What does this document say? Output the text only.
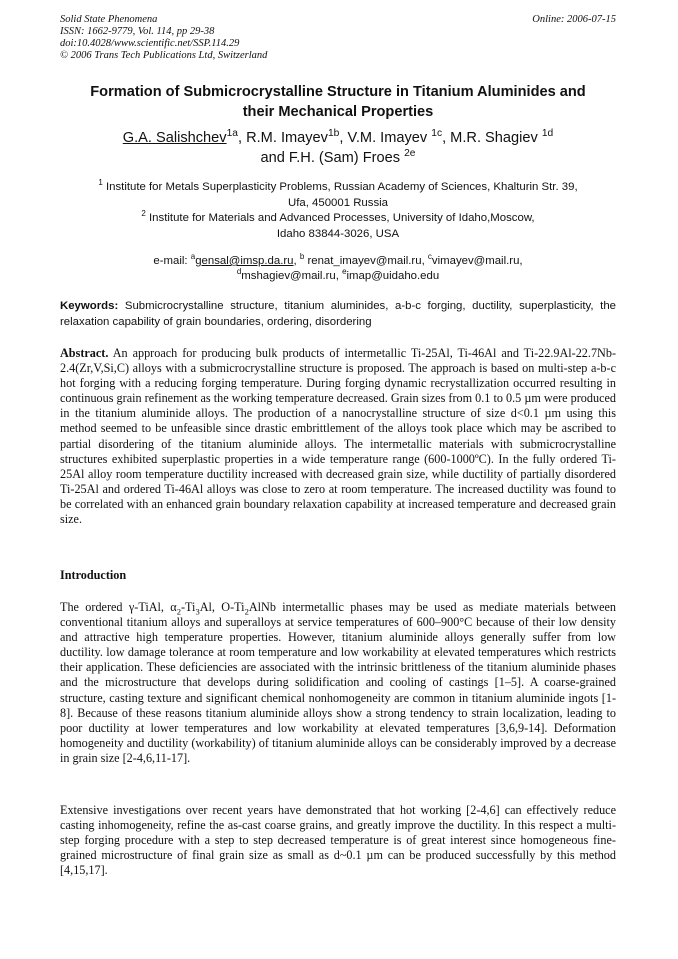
Solid State Phenomena
ISSN: 1662-9779, Vol. 114, pp 29-38
doi:10.4028/www.scientific.net/SSP.114.29
© 2006 Trans Tech Publications Ltd, Switzerland
Online: 2006-07-15
Formation of Submicrocrystalline Structure in Titanium Aluminides and
their Mechanical Properties
G.A. Salishchev$^{1a}$, R.M. Imayev$^{1b}$, V.M. Imayev $^{1c}$, M.R. Shagiev $^{1d}$
and F.H. (Sam) Froes $^{2e}$
$^1$ Institute for Metals Superplasticity Problems, Russian Academy of Sciences, Khalturin Str. 39,
Ufa, 450001 Russia
$^2$ Institute for Materials and Advanced Processes, University of Idaho,Moscow,
Idaho 83844-3026, USA
e-mail: $^a$gensal@imsp.da.ru, $^b$ renat_imayev@mail.ru, $^c$vimayev@mail.ru,
$^d$mshagiev@mail.ru, $^e$imap@uidaho.edu
Keywords: Submicrocrystalline structure, titanium aluminides, a-b-c forging, ductility, superplasticity, the relaxation capability of grain boundaries, ordering, disordering
Abstract. An approach for producing bulk products of intermetallic Ti-25Al, Ti-46Al and Ti-22.9Al-22.7Nb-2.4(Zr,V,Si,C) alloys with a submicrocrystalline structure is proposed. The approach is based on multi-step a-b-c hot forging with a reducing forging temperature. During forging dynamic recrystallization occurred resulting in continuous grain refinement as the working temperature decreased. Grain sizes from 0.1 to 0.5 µm were produced in the titanium aluminide alloys. The production of a nanocrystalline structure of size d<0.1 µm using this method seemed to be unfeasible since drastic embrittlement of the alloys took place which may be ascribed to partial disordering of the titanium aluminide alloys. The intermetallic materials with submicrocrystalline structures exhibited superplastic properties in a wide temperature range (600-1000ºC). In the fully ordered Ti-25Al alloy room temperature ductility increased with decreased grain size, while ductility of partially disordered Ti-25Al and ordered Ti-46Al alloys was close to zero at room temperature. The increased ductility was found to be correlated with an enhanced grain boundary relaxation capability at increased temperature and decreased grain size.
Introduction

The ordered γ-TiAl, $\alpha_2-Ti_3Al$, $O-Ti_2AlNb$ intermetallic phases may be used as mediate materials between conventional titanium alloys and superalloys at service temperatures of 600–900°C because of their low density and attractive high temperature properties. However, titanium aluminide alloys generally suffer from low ductility. low damage tolerance at room temperature and low workability at elevated temperatures which restricts their application. These deficiencies are associated with the intrinsic brittleness of the titanium aluminide phases and the microstructure that develops during solidification and cooling of castings [1–5]. A coarse-grained structure, casting texture and significant chemical nonhomogeneity are common in titanium aluminide ingots [1-8]. Because of these reasons titanium aluminide alloys show a strong tendency to strain localization, leading to poor ductility at lower temperatures and low workability at elevated temperatures [3,6,9-14]. Deformation homogeneity and ductility (workability) of titanium aluminide alloys can be considerably improved by a decrease in grain size [2-4,6,11-17].

Extensive investigations over recent years have demonstrated that hot working [2-4,6] can effectively reduce casting inhomogeneity, refine the as-cast coarse grains, and greatly improve the ductility. In this respect a multi-step forging procedure with a step to step decreased temperature is of great interest since homogeneous fine-grained microstructure of final grain size as small as d~0.1 µm can be produced successfully by this method [4,15,17].
